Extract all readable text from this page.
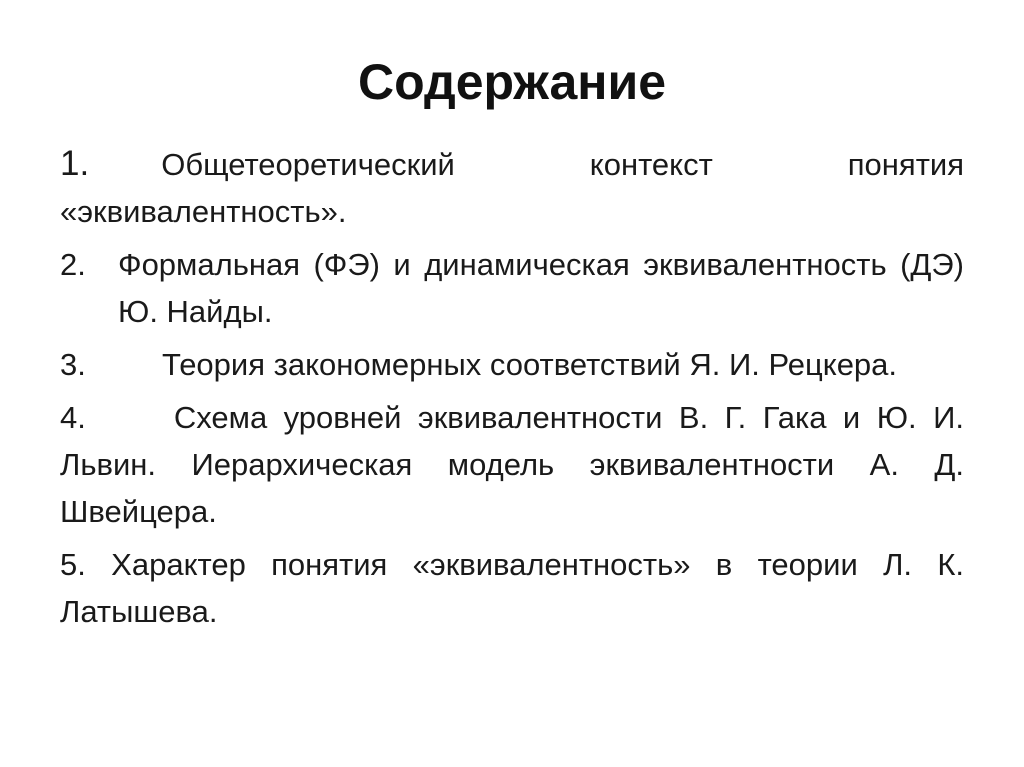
Содержание
1. Общетеоретический контекст понятия «эквивалентность».
2. Формальная (ФЭ) и динамическая эквивалентность (ДЭ) Ю. Найды.
3. Теория закономерных соответствий Я. И. Рецкера.
4.	Схема уровней эквивалентности В. Г. Гака и Ю. И. Львин. Иерархическая модель эквивалентности А. Д. Швейцера.
5. Характер понятия «эквивалентность» в теории Л. К. Латышева.
